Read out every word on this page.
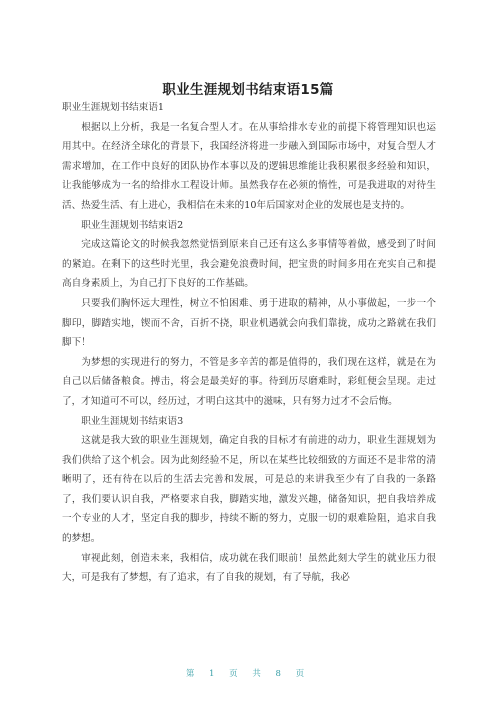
职业生涯规划书结束语15篇

职业生涯规划书结束语1

根据以上分析，我是一名复合型人才。在从事给排水专业的前提下将管理知识也运用其中。在经济全球化的背景下，我国经济将进一步融入到国际市场中，对复合型人才需求增加，在工作中良好的团队协作本事以及的逻辑思维能让我积累很多经验和知识，让我能够成为一名的给排水工程设计师。虽然我存在必须的惰性，可是我进取的对待生活、热爱生活、有上进心，我相信在未来的10年后国家对企业的发展也是支持的。

职业生涯规划书结束语2

完成这篇论文的时候我忽然觉悟到原来自己还有这么多事情等着做，感受到了时间的紧迫。在剩下的这些时光里，我会避免浪费时间，把宝贵的时间多用在充实自己和提高自身素质上，为自己打下良好的工作基础。

只要我们胸怀远大理性，树立不怕困难、勇于进取的精神，从小事做起，一步一个脚印，脚踏实地，锲而不舍，百折不挠，职业机遇就会向我们靠拢，成功之路就在我们脚下！

为梦想的实现进行的努力，不管是多辛苦的都是值得的，我们现在这样，就是在为自己以后储备粮食。搏击，将会是最美好的事。待到历尽磨难时，彩虹便会呈现。走过了，才知道可不可以，经历过，才明白这其中的滋味，只有努力过才不会后悔。

职业生涯规划书结束语3

这就是我大致的职业生涯规划，确定自我的目标才有前进的动力，职业生涯规划为我们供给了这个机会。因为此刻经验不足，所以在某些比较细致的方面还不是非常的清晰明了，还有待在以后的生活去完善和发展，可是总的来讲我至少有了自我的一条路了，我们要认识自我，严格要求自我，脚踏实地，激发兴趣，储备知识，把自我培养成一个专业的人才，坚定自我的脚步，持续不断的努力，克服一切的艰难险阻，追求自我的梦想。

审视此刻，创造未来，我相信，成功就在我们眼前！虽然此刻大学生的就业压力很大，可是我有了梦想，有了追求，有了自我的规划，有了导航，我必

第 1 页 共 8 页
